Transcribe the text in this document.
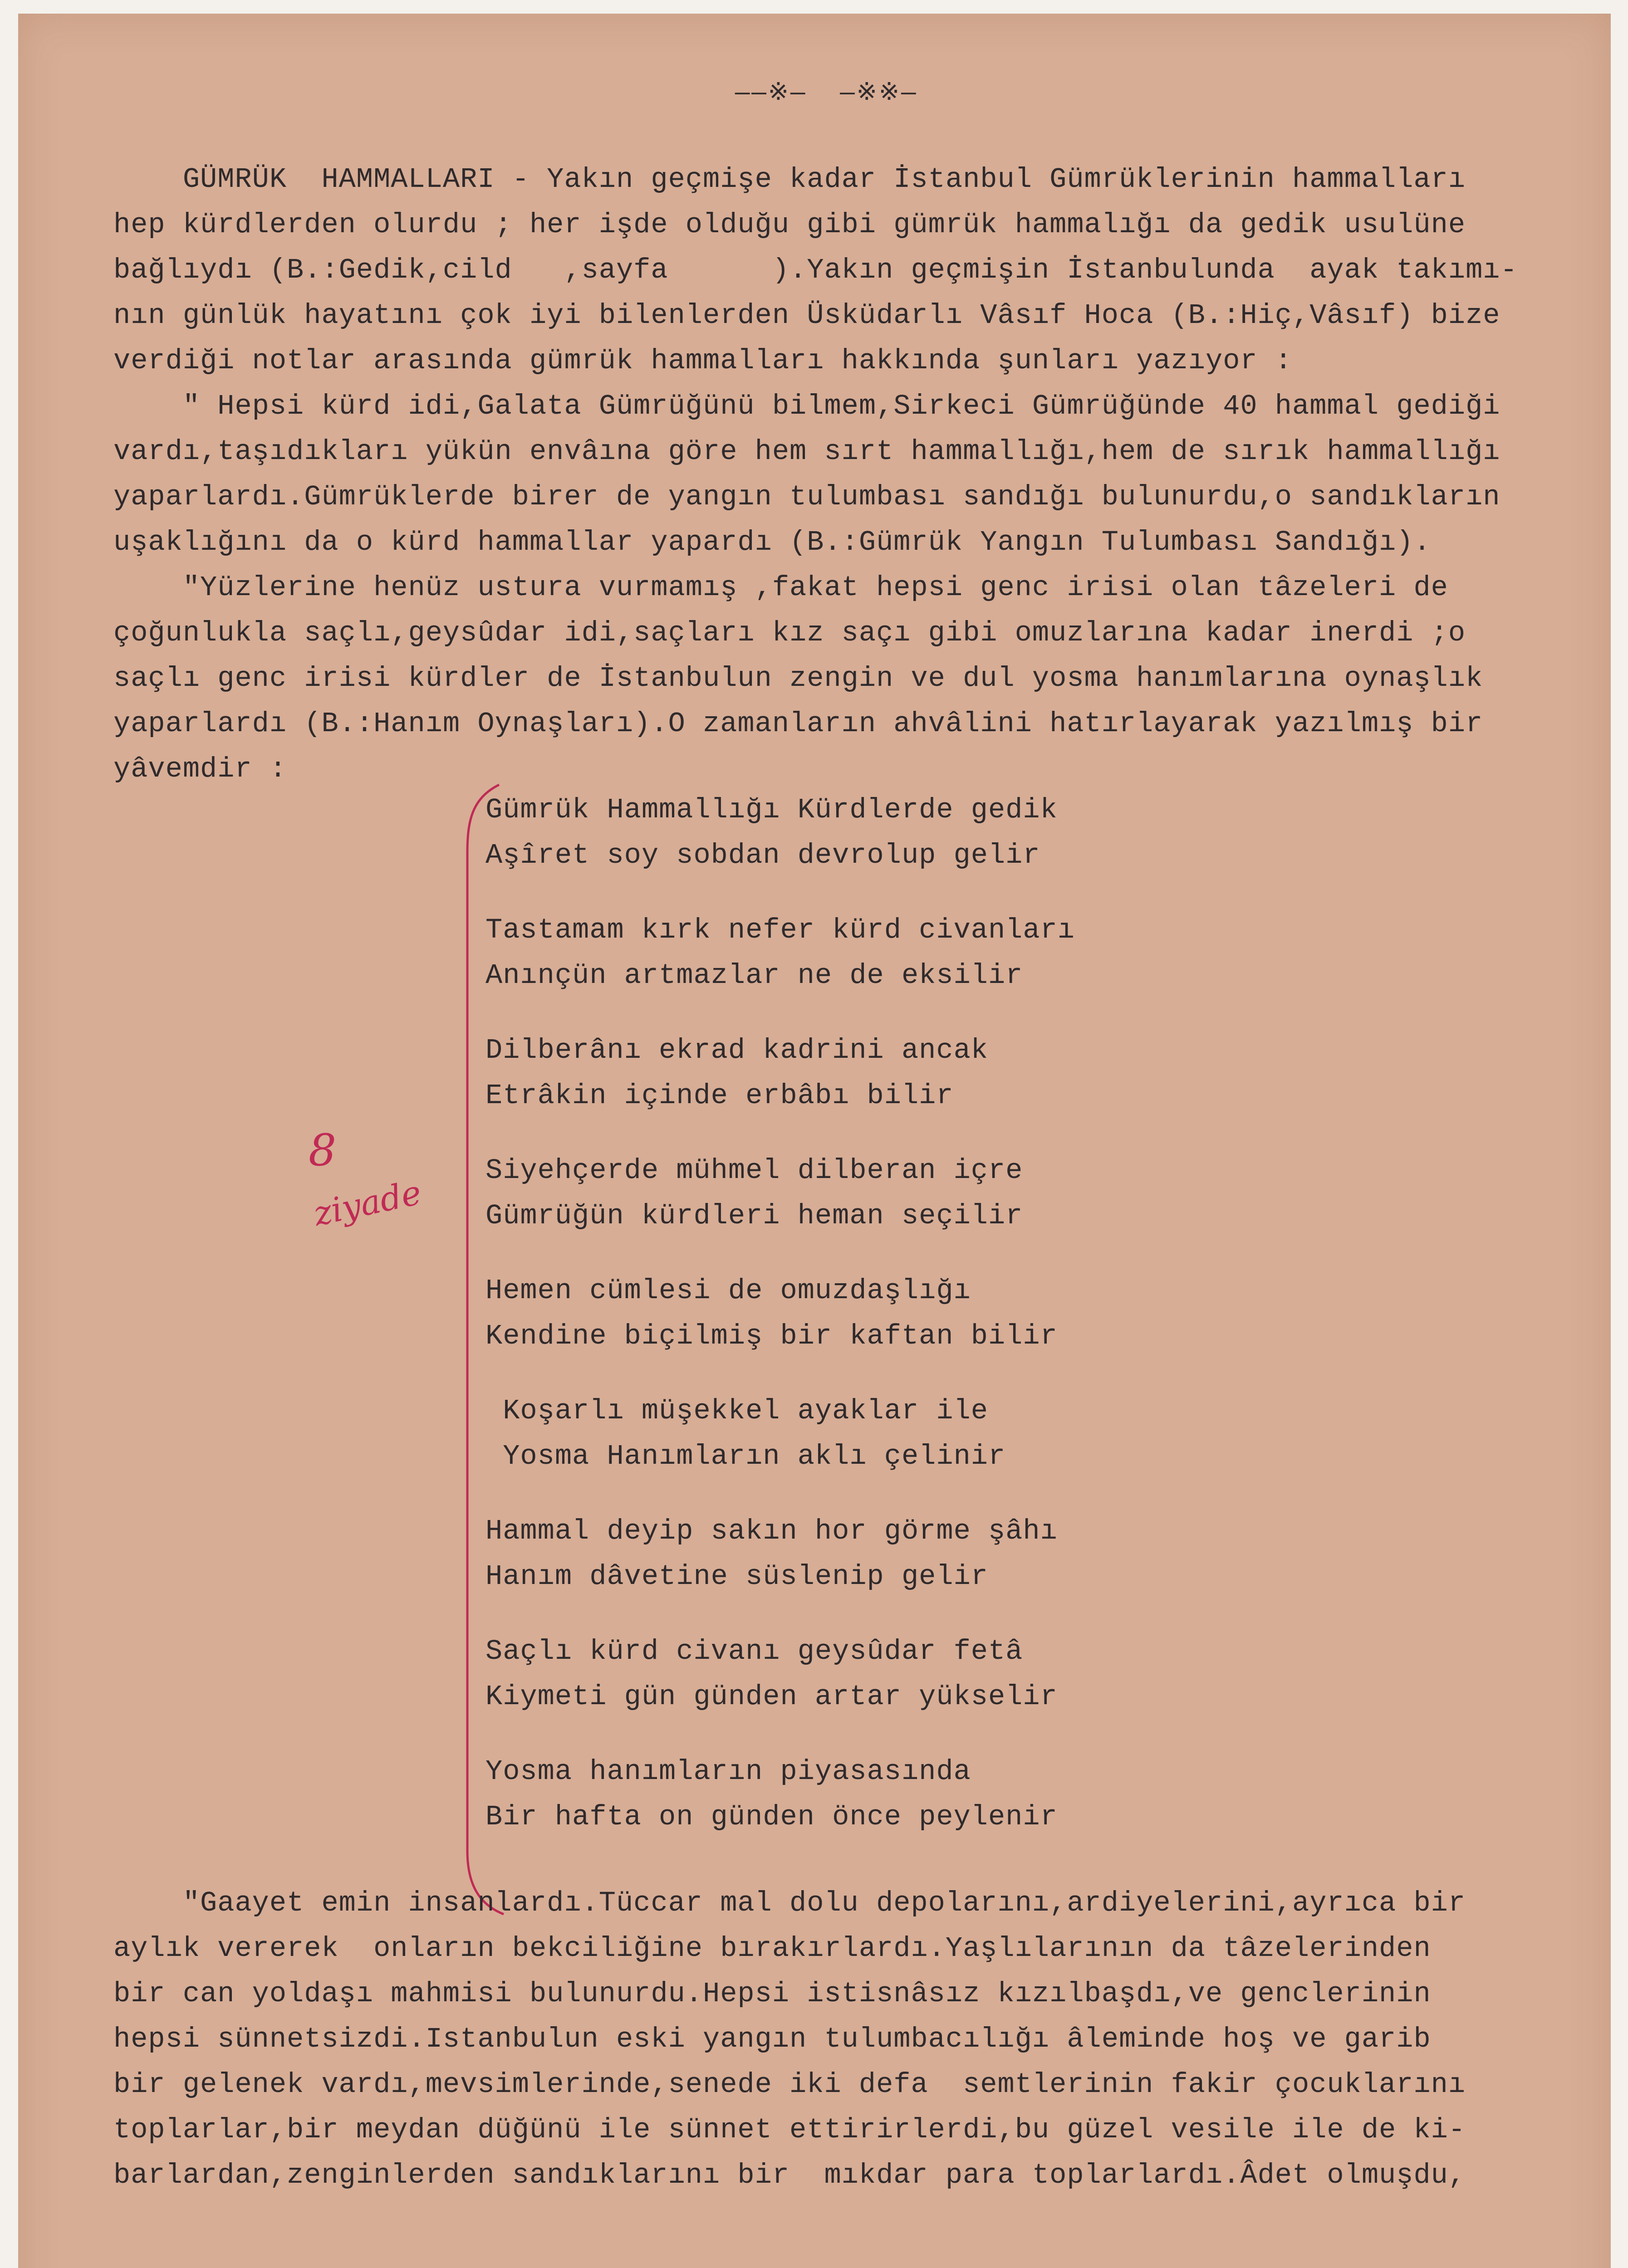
——※—  —※※—

GÜMRÜK  HAMMALLARI - Yakın geçmişe kadar İstanbul Gümrüklerinin hammalları

hep kürdlerden olurdu ; her işde olduğu gibi gümrük hammalığı da gedik usulüne

bağlıydı (B.:Gedik,cild   ,sayfa      ).Yakın geçmişin İstanbulunda  ayak takımı-

nın günlük hayatını çok iyi bilenlerden Üsküdarlı Vâsıf Hoca (B.:Hiç,Vâsıf) bize

verdiği notlar arasında gümrük hammalları hakkında şunları yazıyor :

" Hepsi kürd idi,Galata Gümrüğünü bilmem,Sirkeci Gümrüğünde 40 hammal gediği

vardı,taşıdıkları yükün envâına göre hem sırt hammallığı,hem de sırık hammallığı

yaparlardı.Gümrüklerde birer de yangın tulumbası sandığı bulunurdu,o sandıkların

uşaklığını da o kürd hammallar yapardı (B.:Gümrük Yangın Tulumbası Sandığı).

"Yüzlerine henüz ustura vurmamış ,fakat hepsi genc irisi olan tâzeleri de

çoğunlukla saçlı,geysûdar idi,saçları kız saçı gibi omuzlarına kadar inerdi ;o

saçlı genc irisi kürdler de İstanbulun zengin ve dul yosma hanımlarına oynaşlık

yaparlardı (B.:Hanım Oynaşları).O zamanların ahvâlini hatırlayarak yazılmış bir

yâvemdir :

8
ziyade

Gümrük Hammallığı Kürdlerde gedik

Aşîret soy sobdan devrolup gelir

Tastamam kırk nefer kürd civanları

Anınçün artmazlar ne de eksilir

Dilberânı ekrad kadrini ancak

Etrâkin içinde erbâbı bilir

Siyehçerde mühmel dilberan içre

Gümrüğün kürdleri heman seçilir

Hemen cümlesi de omuzdaşlığı

Kendine biçilmiş bir kaftan bilir

Koşarlı müşekkel ayaklar ile

Yosma Hanımların aklı çelinir

Hammal deyip sakın hor görme şâhı

Hanım dâvetine süslenip gelir

Saçlı kürd civanı geysûdar fetâ

Kiymeti gün günden artar yükselir

Yosma hanımların piyasasında

Bir hafta on günden önce peylenir

"Gaayet emin insanlardı.Tüccar mal dolu depolarını,ardiyelerini,ayrıca bir

aylık vererek  onların bekciliğine bırakırlardı.Yaşlılarının da tâzelerinden

bir can yoldaşı mahmisi bulunurdu.Hepsi istisnâsız kızılbaşdı,ve genclerinin

hepsi sünnetsizdi.Istanbulun eski yangın tulumbacılığı âleminde hoş ve garib

bir gelenek vardı,mevsimlerinde,senede iki defa  semtlerinin fakir çocuklarını

toplarlar,bir meydan düğünü ile sünnet ettirirlerdi,bu güzel vesile ile de ki-

barlardan,zenginlerden sandıklarını bir  mıkdar para toplarlardı.Âdet olmuşdu,
